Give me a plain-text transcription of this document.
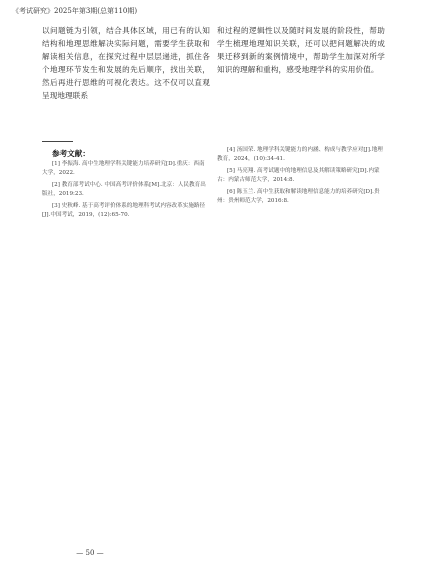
《考试研究》2025年第3期(总第110期)
以问题链为引领，结合具体区域，用已有的认知结构和地理思维解决实际问题，需要学生获取和解读相关信息，在探究过程中层层递进，抓住各个地理环节发生和发展的先后顺序，找出关联，然后再进行思维的可视化表达。这不仅可以直观呈现地理联系
和过程的逻辑性以及随时间发展的阶段性，帮助学生梳理地理知识关联，还可以把问题解决的成果迁移到新的案例情境中，帮助学生加深对所学知识的理解和重构，感受地理学科的实用价值。
参考文献：
[1] 李振海. 高中生地理学科关键能力培养研究[D].重庆：西南大学，2022.
[2] 教育部考试中心. 中国高考评价体系[M].北京：人民教育出版社，2019:23.
[3] 史秋峰. 基于高考评价体系的地理科考试内容改革实施路径[J].中国考试，2019，(12):65-70.
[4] 汤国荣. 地理学科关键能力的内涵、构成与教学应对[J].地理教育，2024，(10):34-41.
[5] 马亮翔. 高考试题中的地理信息及其解读策略研究[D].内蒙古：内蒙古师范大学，2014:8.
[6] 陈玉兰. 高中生获取和解读地理信息能力的培养研究[D].贵州：贵州师范大学，2016:8.
— 50 —
